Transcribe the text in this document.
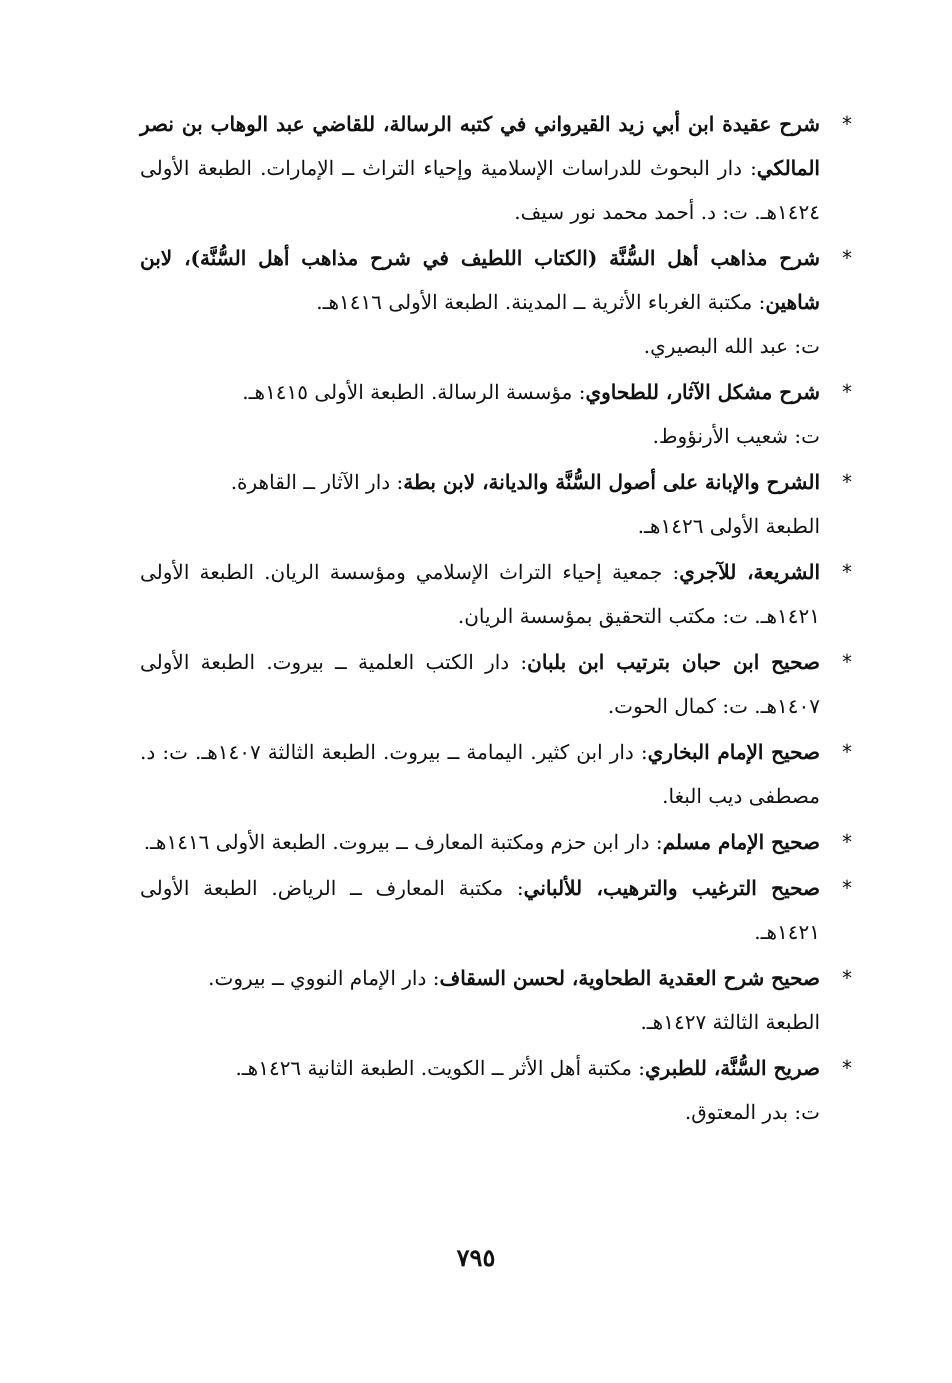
*
شرح عقيدة ابن أبي زيد القيرواني في كتبه الرسالة، للقاضي عبد الوهاب بن نصر المالكي: دار البحوث للدراسات الإسلامية وإحياء التراث ــ الإمارات. الطبعة الأولى ١٤٢٤هـ. ت: د. أحمد محمد نور سيف.
*
شرح مذاهب أهل السُّنَّة (الكتاب اللطيف في شرح مذاهب أهل السُّنَّة)، لابن شاهين: مكتبة الغرباء الأثرية ــ المدينة. الطبعة الأولى ١٤١٦هـ.
ت: عبد الله البصيري.
*
شرح مشكل الآثار، للطحاوي: مؤسسة الرسالة. الطبعة الأولى ١٤١٥هـ.
ت: شعيب الأرنؤوط.
*
الشرح والإبانة على أصول السُّنَّة والديانة، لابن بطة: دار الآثار ــ القاهرة.
الطبعة الأولى ١٤٢٦هـ.
*
الشريعة، للآجري: جمعية إحياء التراث الإسلامي ومؤسسة الريان. الطبعة الأولى ١٤٢١هـ. ت: مكتب التحقيق بمؤسسة الريان.
*
صحيح ابن حبان بترتيب ابن بلبان: دار الكتب العلمية ــ بيروت. الطبعة الأولى ١٤٠٧هـ. ت: كمال الحوت.
*
صحيح الإمام البخاري: دار ابن كثير. اليمامة ــ بيروت. الطبعة الثالثة ١٤٠٧هـ. ت: د. مصطفى ديب البغا.
*
صحيح الإمام مسلم: دار ابن حزم ومكتبة المعارف ــ بيروت. الطبعة الأولى ١٤١٦هـ.
*
صحيح الترغيب والترهيب، للألباني: مكتبة المعارف ــ الرياض. الطبعة الأولى ١٤٢١هـ.
*
صحيح شرح العقدية الطحاوية، لحسن السقاف: دار الإمام النووي ــ بيروت.
الطبعة الثالثة ١٤٢٧هـ.
*
صريح السُّنَّة، للطبري: مكتبة أهل الأثر ــ الكويت. الطبعة الثانية ١٤٢٦هـ.
ت: بدر المعتوق.
٧٩٥
